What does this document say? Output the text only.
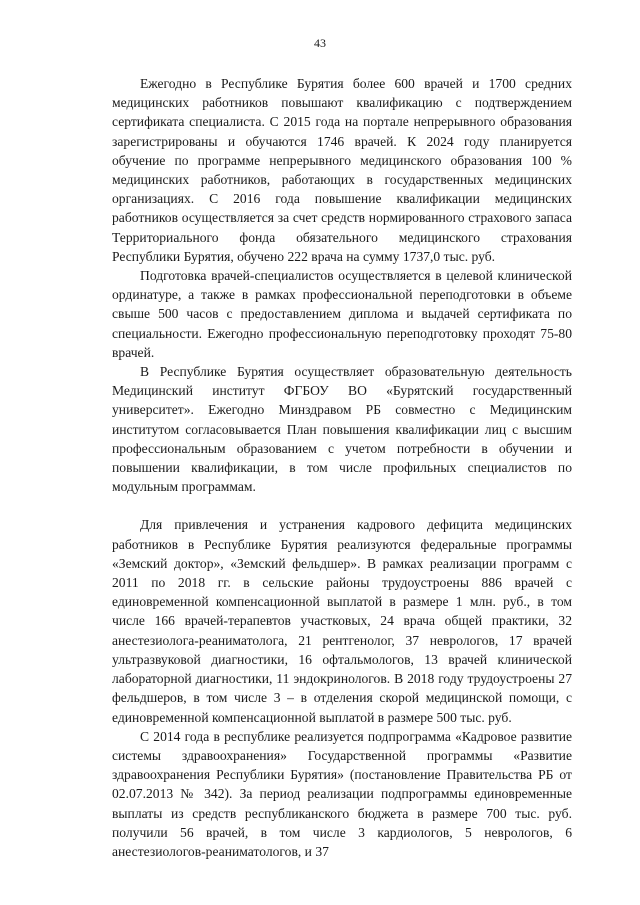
43

Ежегодно в Республике Бурятия более 600 врачей и 1700 средних медицинских работников повышают квалификацию с подтверждением сертификата специалиста. С 2015 года на портале непрерывного образования зарегистрированы и обучаются 1746 врачей. К 2024 году планируется обучение по программе непрерывного медицинского образования 100 % медицинских работников, работающих в государственных медицинских организациях. С 2016 года повышение квалификации медицинских работников осуществляется за счет средств нормированного страхового запаса Территориального фонда обязательного медицинского страхования Республики Бурятия, обучено 222 врача на сумму 1737,0 тыс. руб.

Подготовка врачей-специалистов осуществляется в целевой клинической ординатуре, а также в рамках профессиональной переподготовки в объеме свыше 500 часов с предоставлением диплома и выдачей сертификата по специальности. Ежегодно профессиональную переподготовку проходят 75-80 врачей.

В Республике Бурятия осуществляет образовательную деятельность Медицинский институт ФГБОУ ВО «Бурятский государственный университет». Ежегодно Минздравом РБ совместно с Медицинским институтом согласовывается План повышения квалификации лиц с высшим профессиональным образованием с учетом потребности в обучении и повышении квалификации, в том числе профильных специалистов по модульным программам.

Для привлечения и устранения кадрового дефицита медицинских работников в Республике Бурятия реализуются федеральные программы «Земский доктор», «Земский фельдшер». В рамках реализации программ с 2011 по 2018 гг. в сельские районы трудоустроены 886 врачей с единовременной компенсационной выплатой в размере 1 млн. руб., в том числе 166 врачей-терапевтов участковых, 24 врача общей практики, 32 анестезиолога-реаниматолога, 21 рентгенолог, 37 неврологов, 17 врачей ультразвуковой диагностики, 16 офтальмологов, 13 врачей клинической лабораторной диагностики, 11 эндокринологов. В 2018 году трудоустроены 27 фельдшеров, в том числе 3 – в отделения скорой медицинской помощи, с единовременной компенсационной выплатой в размере 500 тыс. руб.

С 2014 года в республике реализуется подпрограмма «Кадровое развитие системы здравоохранения» Государственной программы «Развитие здравоохранения Республики Бурятия» (постановление Правительства РБ от 02.07.2013 № 342). За период реализации подпрограммы единовременные выплаты из средств республиканского бюджета в размере 700 тыс. руб. получили 56 врачей, в том числе 3 кардиологов, 5 неврологов, 6 анестезиологов-реаниматологов, и 37
